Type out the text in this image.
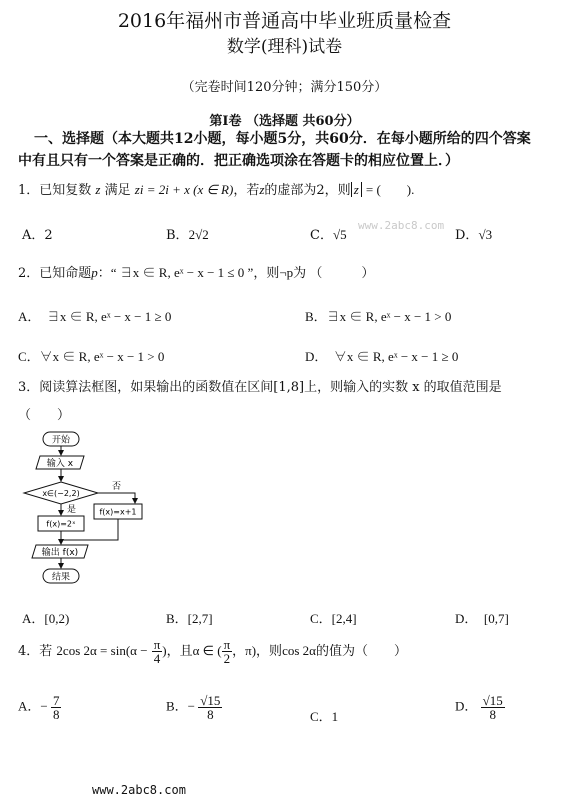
2016年福州市普通高中毕业班质量检查
数学(理科)试卷
（完卷时间120分钟；满分150分）
第Ⅰ卷 （选择题 共60分）
一、选择题（本大题共12小题，每小题5分，共60分．在每小题所给的四个答案
中有且只有一个答案是正确的．把正确选项涂在答题卡的相应位置上．）
1．已知复数 z 满足 zi = 2i + x (x ∈ R)，若z的虚部为2，则 z = (　　).
A．2	B．2√2	C．√5
www.2abc8.com
D．√3
2．已知命题p：“ ∃x ∈ R, eˣ − x − 1 ≤ 0 ”，则¬p为 （　　　）
A．　∃x ∈ R, eˣ − x − 1 ≥ 0	B．∃x ∈ R, eˣ − x − 1 > 0
C．∀x ∈ R, eˣ − x − 1 > 0	D．　∀x ∈ R, eˣ − x − 1 ≥ 0
3．阅读算法框图，如果输出的函数值在区间[1,8]上，则输入的实数 x 的取值范围是
（　　）
开始
输入 x
x∈(−2,2)
否
f(x)=x+1
是
f(x)=2ˣ
输出 f(x)
结果
A．[0,2)	B．[2,7]	C．[2,4]	D．　[0,7]
4．若 2cos $2\alpha = \sin(\alpha - \frac{\pi}{4}$ )，且α ∈ ( $\frac{\pi}{2}$ ，π)，则cos 2α的值为（　　）
A．− $\frac{7}{8}$	B．− $\frac{√15}{8}$	C．1
D． $\frac{√15}{8}$
www.2abc8.com
